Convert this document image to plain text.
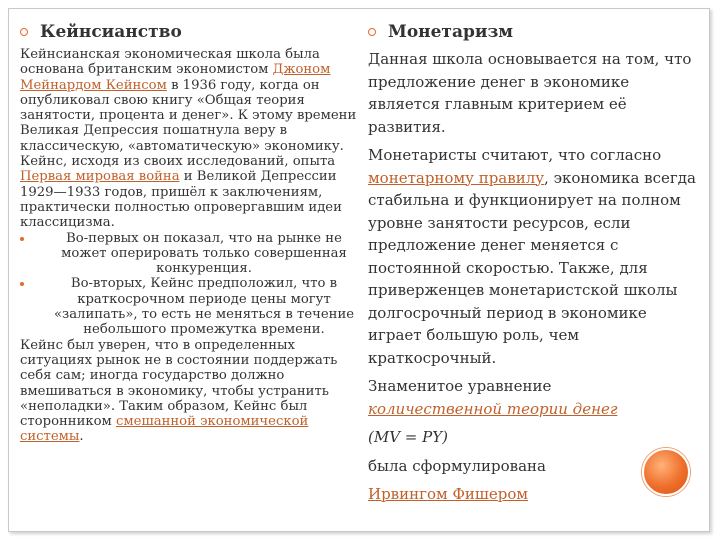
Кейнсианство	Монетаризм

Кейнсианская экономическая школа была основана британским экономистом Джоном Мейнардом Кейнсом в 1936 году, когда он опубликовал свою книгу «Общая теория занятости, процента и денег». К этому времени Великая Депрессия пошатнула веру в классическую, «автоматическую» экономику. Кейнс, исходя из своих исследований, опыта Первая мировая война и Великой Депрессии 1929—1933 годов, пришёл к заключениям, практически полностью опровергавшим идеи классицизма.

Во-первых он показал, что на рынке не может оперировать только совершенная конкуренция.

Во-вторых, Кейнс предположил, что в краткосрочном периоде цены могут «залипать», то есть не меняться в течение небольшого промежутка времени.

Кейнс был уверен, что в определенных ситуациях рынок не в состоянии поддержать себя сам; иногда государство должно вмешиваться в экономику, чтобы устранить «неполадки». Таким образом, Кейнс был сторонником смешанной экономической системы.

Данная школа основывается на том, что предложение денег в экономике является главным критерием её развития.

Монетаристы считают, что согласно монетарному правилу, экономика всегда стабильна и функционирует на полном уровне занятости ресурсов, если предложение денег меняется с постоянной скоростью. Также, для приверженцев монетаристской школы долгосрочный период в экономике играет большую роль, чем краткосрочный.

Знаменитое уравнение

количественной теории денег

(MV = PY)

была сформулирована

Ирвингом Фишером
